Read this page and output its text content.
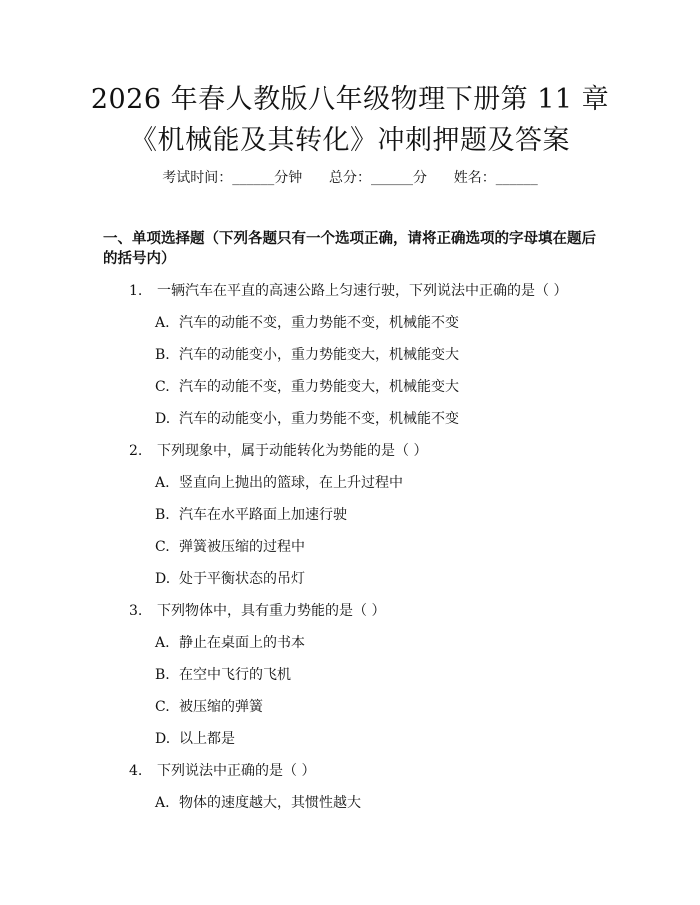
2026 年春人教版八年级物理下册第 11 章
《机械能及其转化》冲刺押题及答案
考试时间：______分钟      总分：______分      姓名：______
一、单项选择题（下列各题只有一个选项正确，请将正确选项的字母填在题后的括号内）
1. 一辆汽车在平直的高速公路上匀速行驶，下列说法中正确的是（ ）
A. 汽车的动能不变，重力势能不变，机械能不变
B. 汽车的动能变小，重力势能变大，机械能变大
C. 汽车的动能不变，重力势能变大，机械能变大
D. 汽车的动能变小，重力势能不变，机械能不变
2. 下列现象中，属于动能转化为势能的是（ ）
A. 竖直向上抛出的篮球，在上升过程中
B. 汽车在水平路面上加速行驶
C. 弹簧被压缩的过程中
D. 处于平衡状态的吊灯
3. 下列物体中，具有重力势能的是（ ）
A. 静止在桌面上的书本
B. 在空中飞行的飞机
C. 被压缩的弹簧
D. 以上都是
4. 下列说法中正确的是（ ）
A. 物体的速度越大，其惯性越大
